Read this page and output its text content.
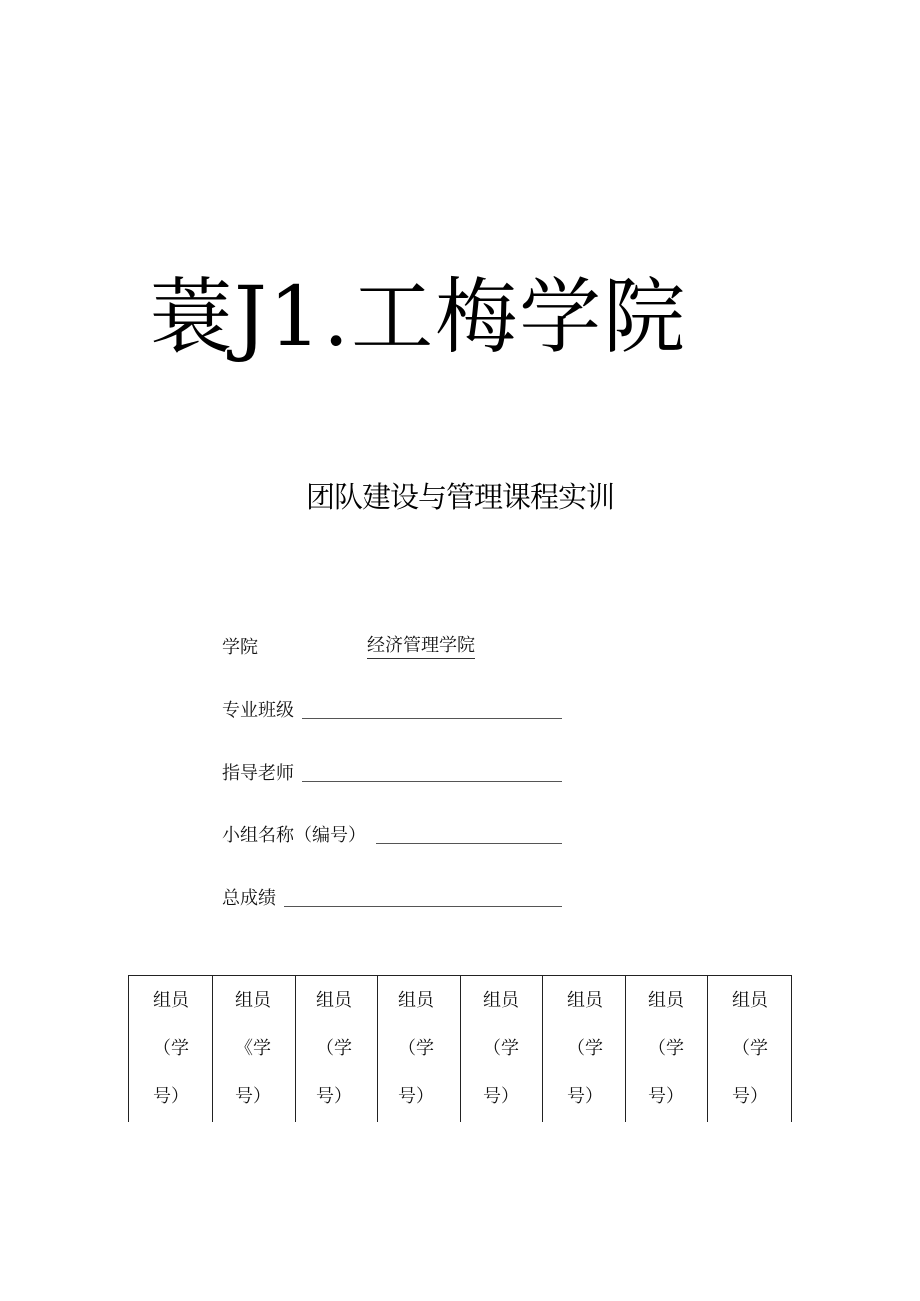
蓑J1.工梅学院
团队建设与管理课程实训
学院	经济管理学院
专业班级
指导老师
小组名称（编号）
总成绩
组员
（学
号）
组员
《学
号）
组员
（学
号）
组员
（学
号）
组员
（学
号）
组员
（学
号）
组员
（学
号）
组员
（学
号）
